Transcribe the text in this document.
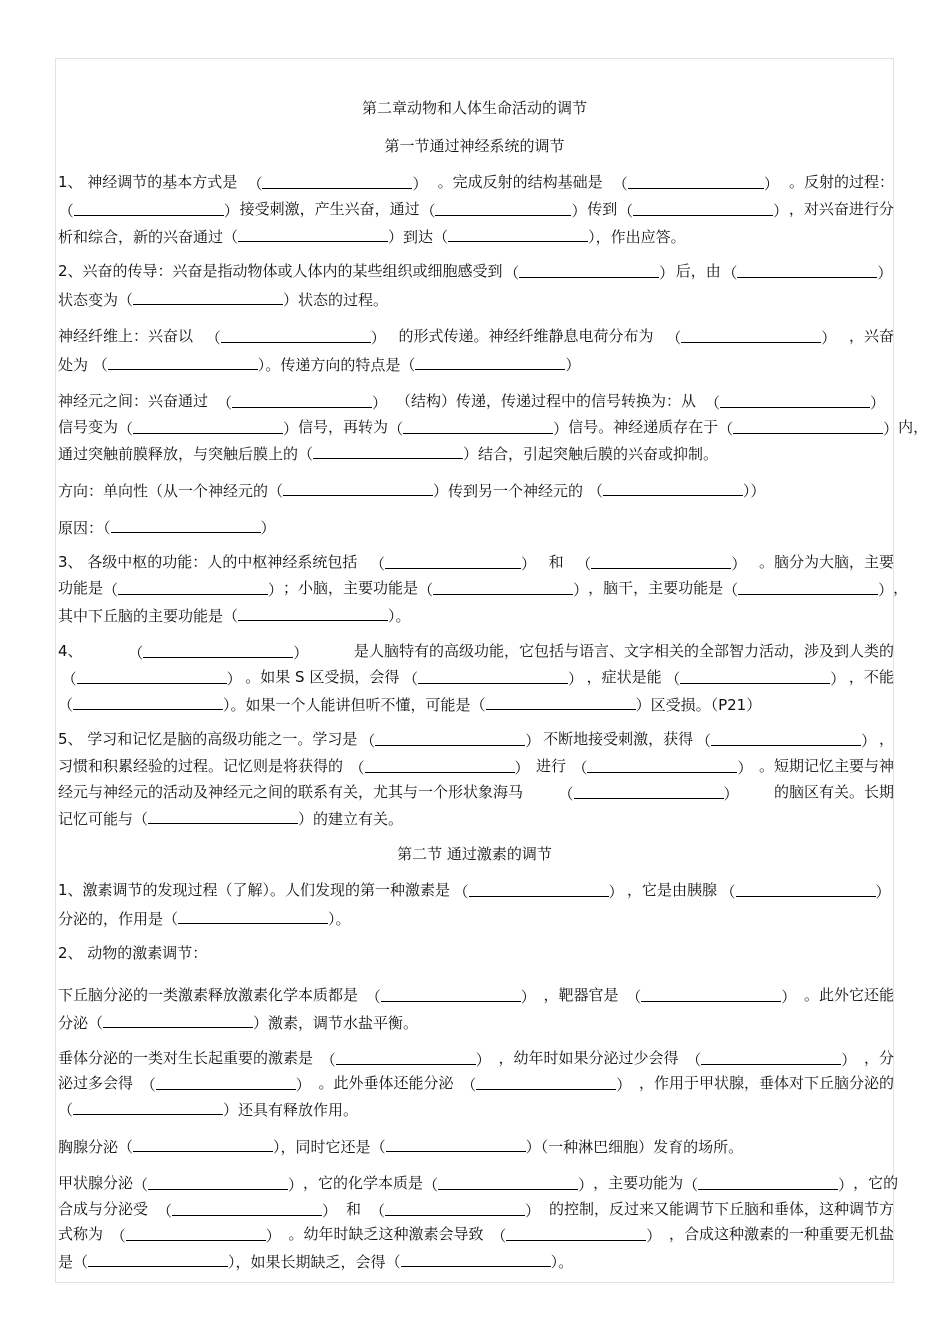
第二章动物和人体生命活动的调节
第一节通过神经系统的调节
第二节 通过激素的调节
1、 神经调节的基本方式是 （	） 。完成反射的结构基础是 （	） 。反射的过程：
（	） 接受刺激，产生兴奋，通过 （	） 传到 （	） ，对兴奋进行分
析和综合，新的兴奋通过（	）到达（	），作出应答。
2、兴奋的传导：兴奋是指动物体或人体内的某些组织或细胞感受到 （	） 后，由 （	）
状态变为（	）状态的过程。
神经纤维上：兴奋以 （	） 的形式传递。神经纤维静息电荷分布为 （	） ，兴奋
处为 （	）。传递方向的特点是（	）
神经元之间：兴奋通过 （	） （结构）传递，传递过程中的信号转换为：从 （	）
信号变为 （	） 信号，再转为 （	） 信号。神经递质存在于 （	） 内，
通过突触前膜释放，与突触后膜上的（	）结合，引起突触后膜的兴奋或抑制。
方向：单向性（从一个神经元的（	）传到另一个神经元的 （	））
原因：（	）
3、 各级中枢的功能：人的中枢神经系统包括 （	） 和 （	） 。脑分为大脑，主要
功能是 （	） ；小脑，主要功能是 （	） ，脑干，主要功能是 （	） ，
其中下丘脑的主要功能是（	）。
4、	（	）	是人脑特有的高级功能，它包括与语言、文字相关的全部智力活动，涉及到人类的
（	） 。如果 S 区受损，会得 （	） ，症状是能 （	） ，不能
（	）。如果一个人能讲但听不懂，可能是（	）区受损。（P21）
5、 学习和记忆是脑的高级功能之一。学习是 （	） 不断地接受刺激，获得 （	） ，
习惯和积累经验的过程。记忆则是将获得的 （	） 进行 （	） 。短期记忆主要与神
经元与神经元的活动及神经元之间的联系有关，尤其与一个形状象海马 （	） 的脑区有关。长期
记忆可能与（	）的建立有关。
1、激素调节的发现过程（了解）。人们发现的第一种激素是 （	） ，它是由胰腺 （	）
分泌的，作用是（	）。
2、 动物的激素调节：
下丘脑分泌的一类激素释放激素化学本质都是 （	） ，靶器官是 （	） 。此外它还能
分泌（	）激素，调节水盐平衡。
垂体分泌的一类对生长起重要的激素是 （	） ，幼年时如果分泌过少会得 （	） ，分
泌过多会得 （	） 。此外垂体还能分泌 （	） ，作用于甲状腺，垂体对下丘脑分泌的
（	）还具有释放作用。
胸腺分泌（	），同时它还是（	）（一种淋巴细胞）发育的场所。
甲状腺分泌 （	） ，它的化学本质是 （	） ，主要功能为 （	） ，它的
合成与分泌受 （	） 和 （	） 的控制，反过来又能调节下丘脑和垂体，这种调节方
式称为 （	） 。幼年时缺乏这种激素会导致 （	） ，合成这种激素的一种重要无机盐
是（	），如果长期缺乏，会得（	）。
